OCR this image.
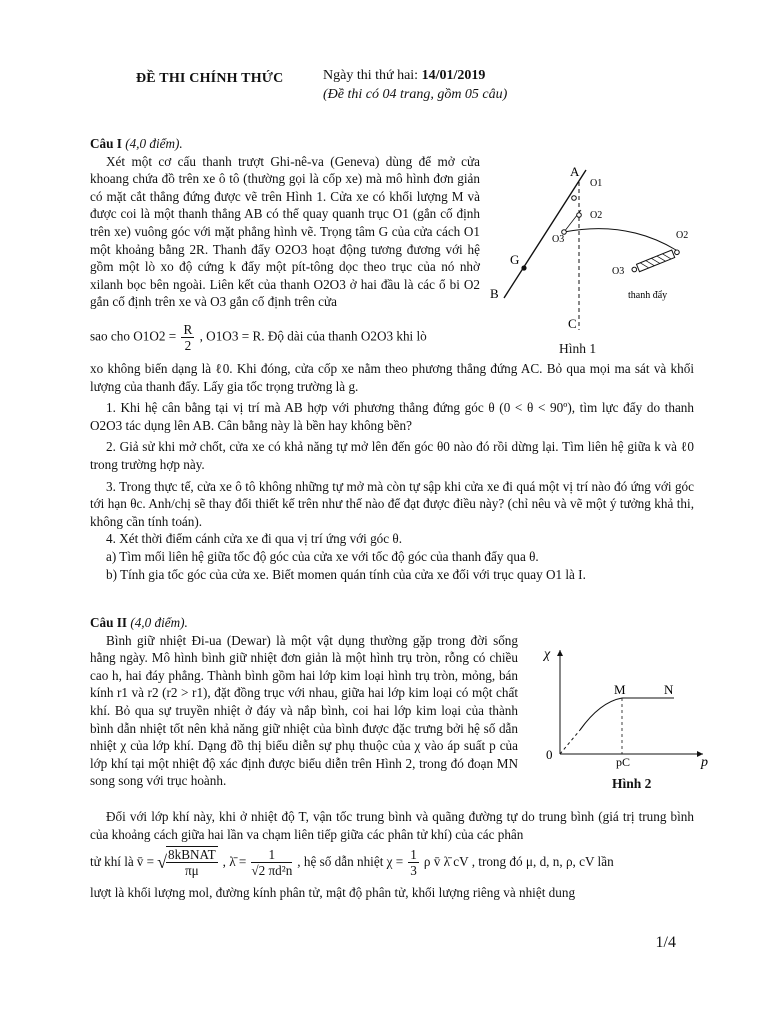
ĐỀ THI CHÍNH THỨC	Ngày thi thứ hai: 14/01/2019
(Đề thi có 04 trang, gồm 05 câu)
Câu I (4,0 điểm).

Xét một cơ cấu thanh trượt Ghi-nê-va (Geneva) dùng để mở cửa khoang chứa đồ trên xe ô tô (thường gọi là cốp xe) mà mô hình đơn giản có mặt cắt thẳng đứng được vẽ trên Hình 1. Cửa xe có khối lượng M và được coi là một thanh thẳng AB có thể quay quanh trục O1 (gắn cố định trên xe) vuông góc với mặt phẳng hình vẽ. Trọng tâm G của cửa cách O1 một khoảng bằng 2R. Thanh đẩy O2O3 hoạt động tương đương với hệ gồm một lò xo độ cứng k đẩy một pít-tông dọc theo trục của nó nhờ xilanh bọc bên ngoài. Liên kết của thanh O2O3 ở hai đầu là các ổ bi O2 gắn cố định trên xe và O3 gắn cố định trên cửa

sao cho $O1O2 = \frac{R}{2}$ , O1O3 = R. Độ dài của thanh O2O3 khi lò

xo không biến dạng là ℓ0. Khi đóng, cửa cốp xe nằm theo phương thẳng đứng AC. Bỏ qua mọi ma sát và khối lượng của thanh đẩy. Lấy gia tốc trọng trường là g.

1. Khi hệ cân bằng tại vị trí mà AB hợp với phương thẳng đứng góc θ (0 < θ < 90º), tìm lực đẩy do thanh O2O3 tác dụng lên AB. Cân bằng này là bền hay không bền?

2. Giả sử khi mở chốt, cửa xe có khả năng tự mở lên đến góc θ0 nào đó rồi dừng lại. Tìm liên hệ giữa k và ℓ0 trong trường hợp này.

3. Trong thực tế, cửa xe ô tô không những tự mở mà còn tự sập khi cửa xe đi quá một vị trí nào đó ứng với góc tới hạn θc. Anh/chị sẽ thay đổi thiết kế trên như thế nào để đạt được điều này? (chỉ nêu và vẽ một ý tưởng khả thi, không cần tính toán).

4. Xét thời điểm cánh cửa xe đi qua vị trí ứng với góc θ.

a) Tìm mối liên hệ giữa tốc độ góc của cửa xe với tốc độ góc của thanh đẩy qua θ.

b) Tính gia tốc góc của cửa xe. Biết momen quán tính của cửa xe đối với trục quay O1 là I.

A
B
C
G
O1
O2
O3	O2
O3
thanh đẩy
Hình 1
Câu II (4,0 điểm).

Bình giữ nhiệt Đi-ua (Dewar) là một vật dụng thường gặp trong đời sống hằng ngày. Mô hình bình giữ nhiệt đơn giản là một hình trụ tròn, rỗng có chiều cao h, hai đáy phẳng. Thành bình gồm hai lớp kim loại hình trụ tròn, mỏng, bán kính r1 và r2 (r2 > r1), đặt đồng trục với nhau, giữa hai lớp kim loại có một chất khí. Bỏ qua sự truyền nhiệt ở đáy và nắp bình, coi hai lớp kim loại của thành bình dẫn nhiệt tốt nên khả năng giữ nhiệt của bình được đặc trưng bởi hệ số dẫn nhiệt χ của lớp khí. Dạng đồ thị biểu diễn sự phụ thuộc của χ vào áp suất p của lớp khí tại một nhiệt độ xác định được biểu diễn trên Hình 2, trong đó đoạn MN song song với trục hoành.

Đối với lớp khí này, khi ở nhiệt độ T, vận tốc trung bình và quãng đường tự do trung bình (giá trị trung bình của khoảng cách giữa hai lần va chạm liên tiếp giữa các phân tử khí) của các phân

tử khí là v̄ = √ $\frac{\text{8kBNAT}}{\pi\mu}$ , λ̄ = $\frac{1}{\text{√2 πd²n}}$ , hệ số dẫn nhiệt $\chi = \frac{1}{3}$ ρ v̄ λ̄ cV , trong đó μ, d, n, ρ, cV lần

lượt là khối lượng mol, đường kính phân tử, mật độ phân tử, khối lượng riêng và nhiệt dung

χ
p
0	pC
M	N
Hình 2
1/4
